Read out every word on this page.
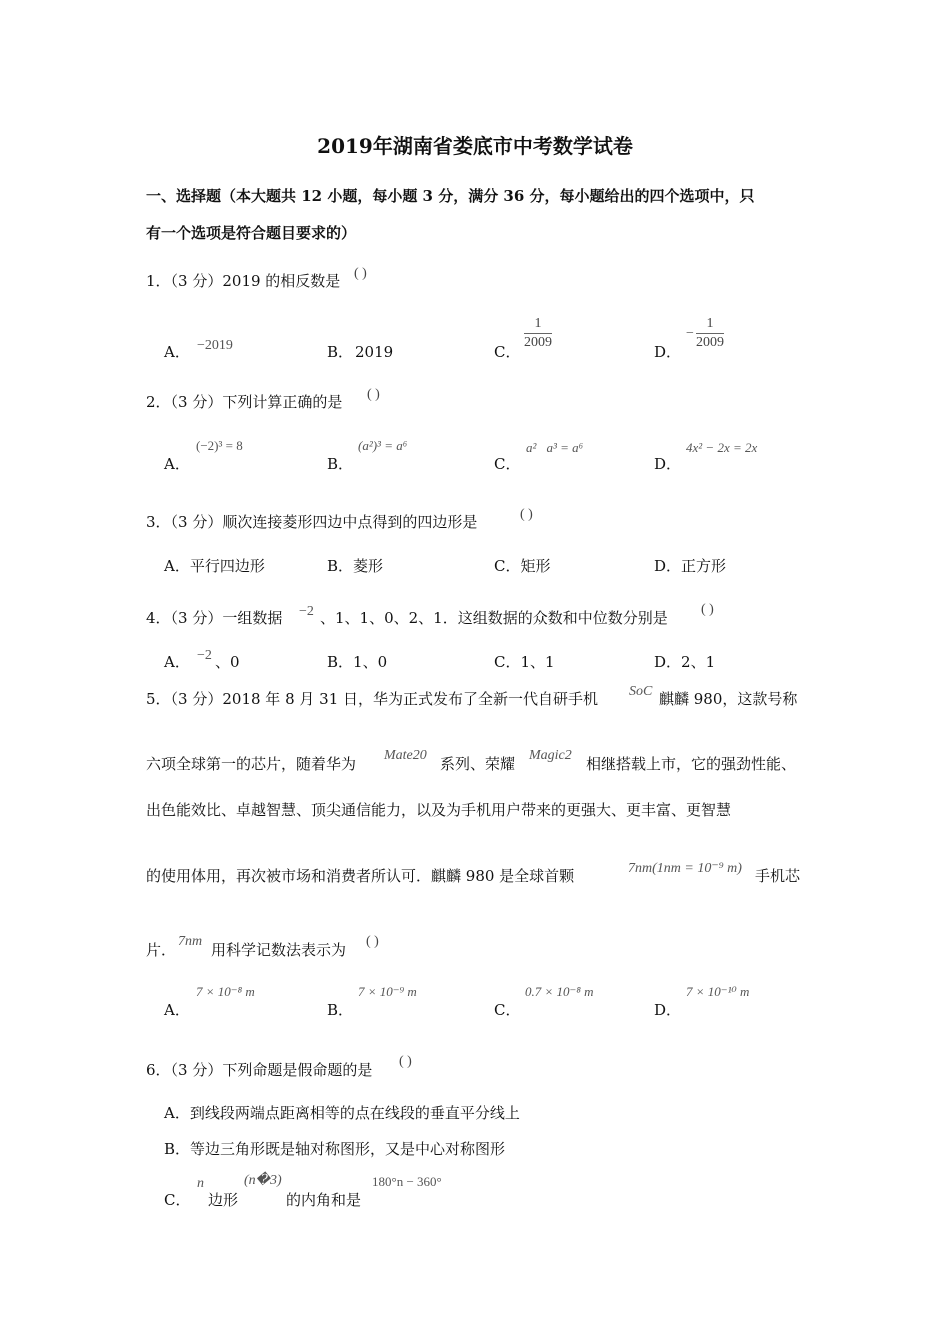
2019年湖南省娄底市中考数学试卷
一、选择题（本大题共 12 小题，每小题 3 分，满分 36 分，每小题给出的四个选项中，只
有一个选项是符合题目要求的）
1．（3 分）2019 的相反数是 ( )
A． −2019	B． 2019	C． $\frac{1}{2009}$	D．
− $\frac{1}{2009}$
2．（3 分）下列计算正确的是 ( )
A．
(−2)³ = 8
B．
(a²)³ = a⁶
C．
a²⃞a³ = a⁶
D．
4x² − 2x = 2x
3．（3 分）顺次连接菱形四边中点得到的四边形是	( )
A．平行四边形	B．菱形	C．矩形	D．正方形
4．（3 分）一组数据 −2 、1、1、0、2、1．这组数据的众数和中位数分别是 ( )
A． −2 、0	B．1、0	C．1、1	D．2、1
5．（3 分）2018 年 8 月 31 日，华为正式发布了全新一代自研手机 SoC 麒麟 980，这款号称
六项全球第一的芯片，随着华为 Mate20 系列、荣耀 Magic2 相继搭载上市，它的强劲性能、
出色能效比、卓越智慧、顶尖通信能力，以及为手机用户带来的更强大、更丰富、更智慧
的使用体用，再次被市场和消费者所认可．麒麟 980 是全球首颗	7nm(1nm = 10⁻⁹ m) 手机芯
片． 7nm 用科学记数法表示为 ( )
A．
7 × 10⁻⁸ m
B．
7 × 10⁻⁹ m
C．
0.7 × 10⁻⁸ m
D．
7 × 10⁻¹⁰ m
6．（3 分）下列命题是假命题的是 ( )
A．到线段两端点距离相等的点在线段的垂直平分线上
B．等边三角形既是轴对称图形，又是中心对称图形
C．
n
边形
(n�3)
的内角和是
180°n − 360°
